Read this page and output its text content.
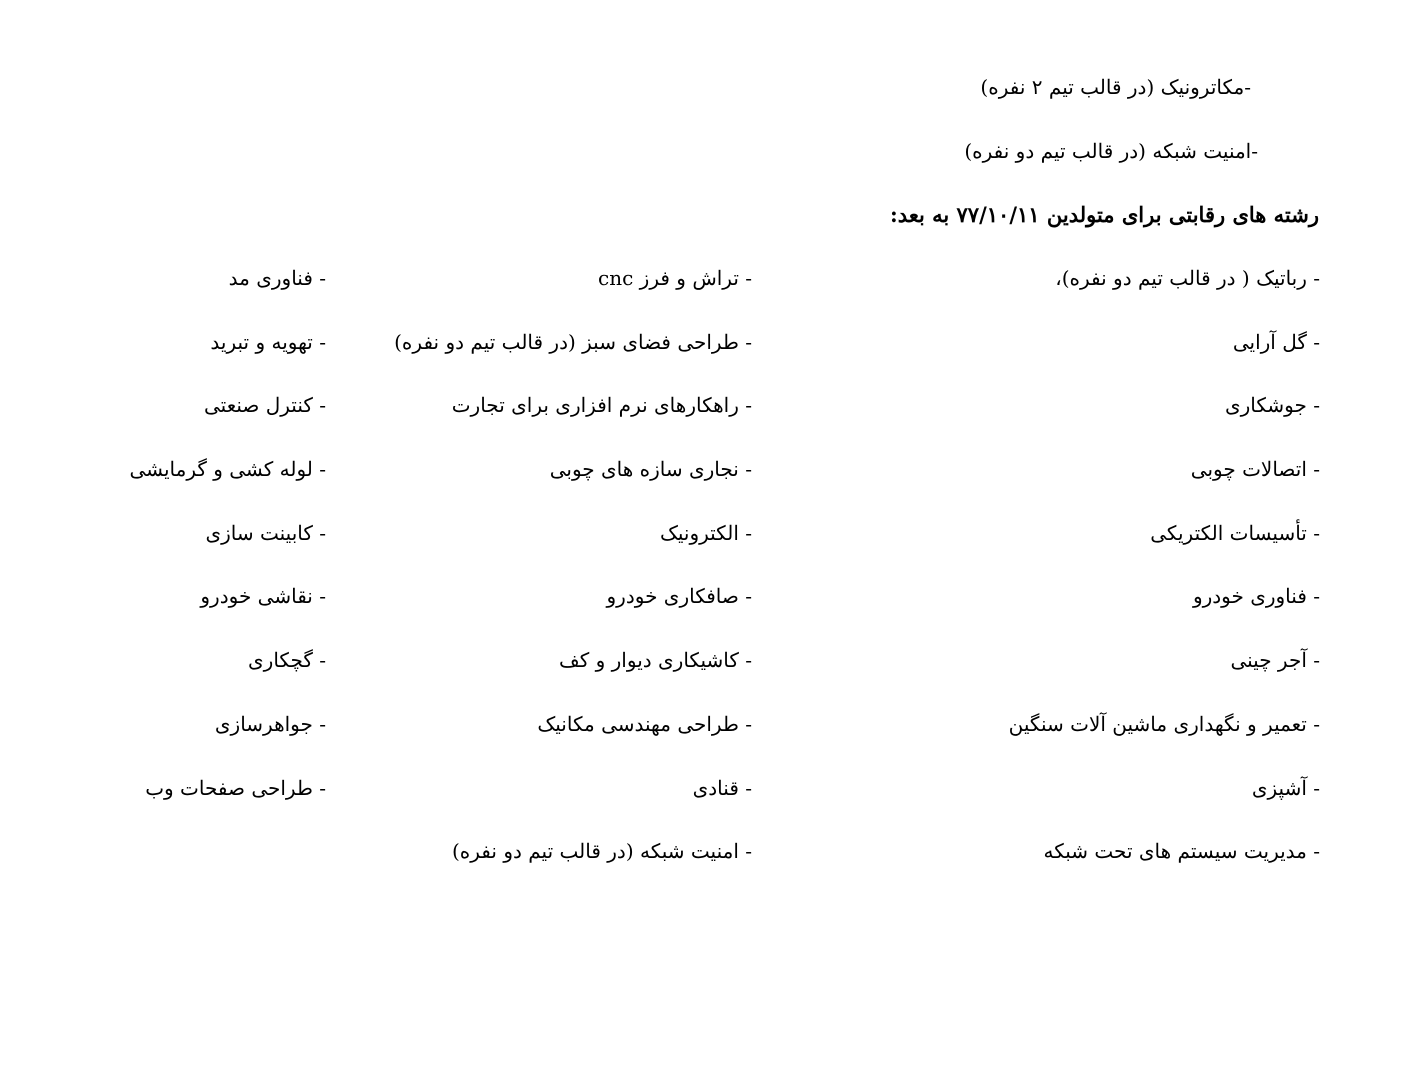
-مکاترونیک (در قالب تیم ۲ نفره)
-امنیت شبکه (در قالب تیم دو نفره)
رشته های رقابتی برای متولدین ۷۷/۱۰/۱۱ به بعد:
- رباتیک ( در قالب تیم دو نفره)،
- گل آرایی
- جوشکاری
- اتصالات چوبی
- تأسیسات الکتریکی
- فناوری خودرو
- آجر چینی
- تعمیر و نگهداری ماشین آلات سنگین
- آشپزی
- مدیریت سیستم های تحت شبکه
- تراش و فرز cnc
- طراحی فضای سبز (در قالب تیم دو نفره)
- راهکارهای نرم افزاری برای تجارت
- نجاری سازه های چوبی
- الکترونیک
- صافکاری خودرو
- کاشیکاری دیوار و کف
- طراحی مهندسی مکانیک
- قنادی
- امنیت شبکه (در قالب تیم دو نفره)
- فناوری مد
- تهویه و تبرید
- کنترل صنعتی
- لوله کشی و گرمایشی
- کابینت سازی
- نقاشی خودرو
- گچکاری
- جواهرسازی
- طراحی صفحات وب
